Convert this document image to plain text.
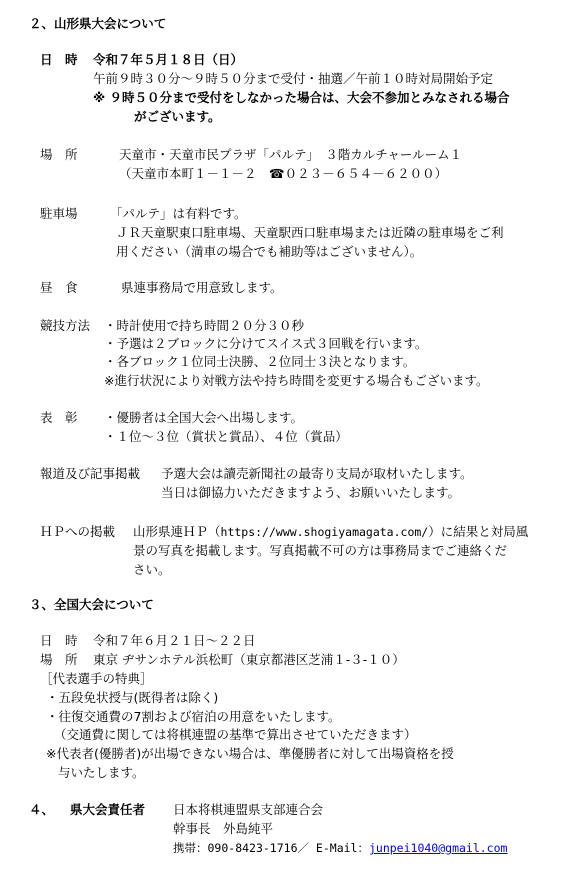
２、山形県大会について
日　時 令和７年５月１８日（日）
午前９時３０分～９時５０分まで受付・抽選／午前１０時対局開始予定
※ ９時５０分まで受付をしなかった場合は、大会不参加とみなされる場合
がございます。
場　所	天童市・天童市民プラザ「パルテ」　３階カルチャールーム１
（天童市本町１－１－２　☎０２３－６５４－６２００）
駐車場	「パルテ」は有料です。
ＪＲ天童駅東口駐車場、天童駅西口駐車場または近隣の駐車場をご利
用ください（満車の場合でも補助等はございません）。
昼　食	県連事務局で用意致します。
競技方法 ・時計使用で持ち時間２０分３０秒
・予選は２ブロックに分けてスイス式３回戦を行います。
・各ブロック１位同士決勝、２位同士３決となります。
※進行状況により対戦方法や持ち時間を変更する場合もございます。
表　彰 ・優勝者は全国大会へ出場します。
・１位～３位（賞状と賞品）、４位（賞品）
報道及び記事掲載 予選大会は讀売新聞社の最寄り支局が取材いたします。
当日は御協力いただきますよう、お願いいたします。
ＨＰへの掲載 山形県連ＨＰ（https://www.shogiyamagata.com/）に結果と対局風
景の写真を掲載します。写真掲載不可の方は事務局までご連絡くだ
さい。
３、全国大会について
日　時 令和７年６月２１日～２２日
場　所 東京 ヂサンホテル浜松町（東京都港区芝浦１-３-１０）
［代表選手の特典］
・五段免状授与(既得者は除く)
・往復交通費の7割および宿泊の用意をいたします。
（交通費に関しては将棋連盟の基準で算出させていただきます）
※代表者(優勝者)が出場できない場合は、準優勝者に対して出場資格を授
与いたします。
４、 県大会責任者 日本将棋連盟県支部連合会
幹事長　外島純平
携帯：090-8423-1716／ E-Mail：junpei1040@gmail.com
